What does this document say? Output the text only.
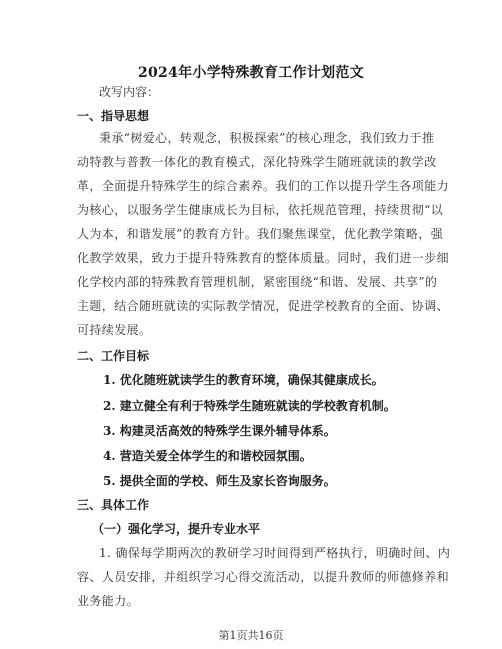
2024年小学特殊教育工作计划范文
改写内容：
一、指导思想
秉承“树爱心，转观念，积极探索”的核心理念，我们致力于推
动特教与普教一体化的教育模式，深化特殊学生随班就读的教学改
革，全面提升特殊学生的综合素养。我们的工作以提升学生各项能力
为核心，以服务学生健康成长为目标，依托规范管理，持续贯彻“以
人为本，和谐发展”的教育方针。我们聚焦课堂，优化教学策略，强
化教学效果，致力于提升特殊教育的整体质量。同时，我们进一步细
化学校内部的特殊教育管理机制，紧密围绕“和谐、发展、共享”的
主题，结合随班就读的实际教学情况，促进学校教育的全面、协调、
可持续发展。
二、工作目标
1. 优化随班就读学生的教育环境，确保其健康成长。
2. 建立健全有利于特殊学生随班就读的学校教育机制。
3. 构建灵活高效的特殊学生课外辅导体系。
4. 营造关爱全体学生的和谐校园氛围。
5. 提供全面的学校、师生及家长咨询服务。
三、具体工作
（一）强化学习，提升专业水平
1. 确保每学期两次的教研学习时间得到严格执行，明确时间、内
容、人员安排，并组织学习心得交流活动，以提升教师的师德修养和
业务能力。
第1页共16页
